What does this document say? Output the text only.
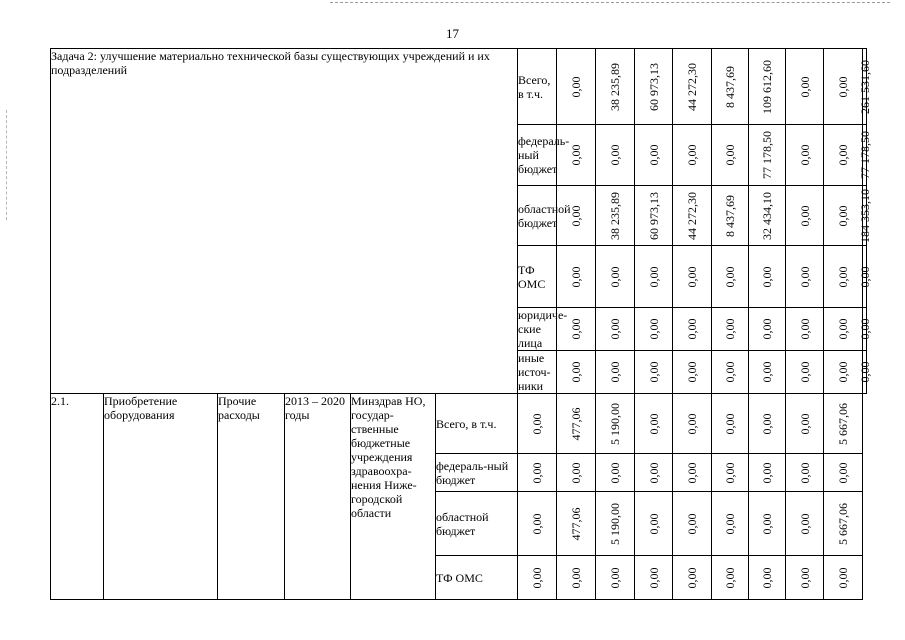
17
Задача 2: улучшение материально технической базы существующих учреждений и их подразделений						Всего, в т.ч.	0,00	38 235,89	60 973,13	44 272,30	8 437,69	109 612,60	0,00	0,00	261 531,60

						федераль-ный бюджет	0,00	0,00	0,00	0,00	0,00	77 178,50	0,00	0,00	77 178,50

						областной бюджет	0,00	38 235,89	60 973,13	44 272,30	8 437,69	32 434,10	0,00	0,00	184 353,10

						ТФ ОМС	0,00	0,00	0,00	0,00	0,00	0,00	0,00	0,00	0,00

						юридиче-ские лица	0,00	0,00	0,00	0,00	0,00	0,00	0,00	0,00	0,00

						иные источ-ники	0,00	0,00	0,00	0,00	0,00	0,00	0,00	0,00	0,00

2.1.	Приобретение оборудования	Прочие расходы	2013 – 2020 годы	Минздрав НО, государ-ственные бюджетные учреждения здравоохра-нения Ниже-городской области	Всего, в т.ч.	0,00	477,06	5 190,00	0,00	0,00	0,00	0,00	0,00	5 667,06	

					федераль-ный бюджет	0,00	0,00	0,00	0,00	0,00	0,00	0,00	0,00	0,00	

					областной бюджет	0,00	477,06	5 190,00	0,00	0,00	0,00	0,00	0,00	5 667,06	

					ТФ ОМС	0,00	0,00	0,00	0,00	0,00	0,00	0,00	0,00	0,00	
